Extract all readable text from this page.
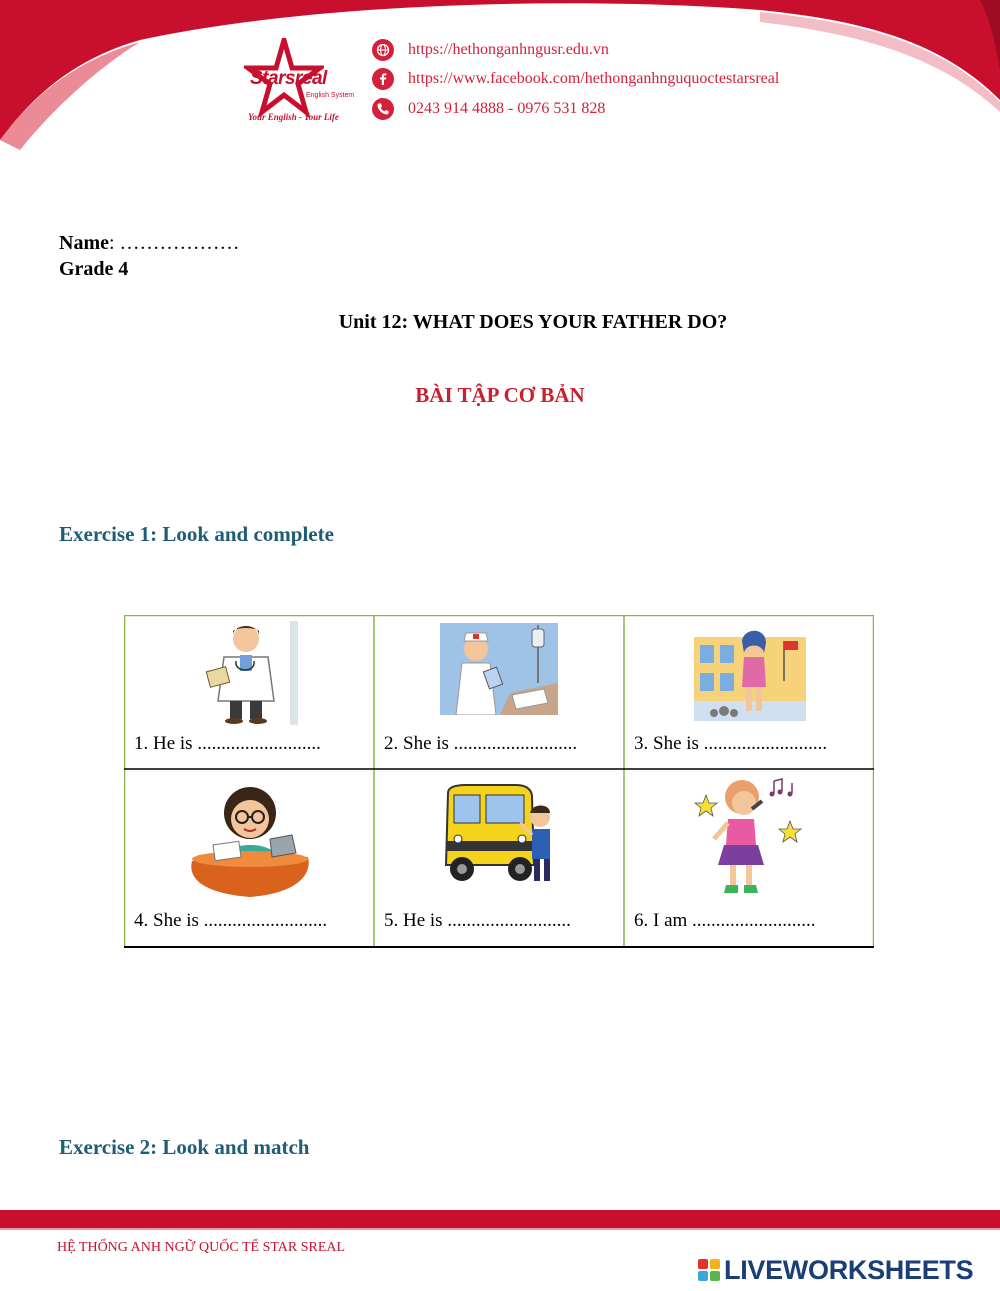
Starsreal
English System
Your English - Your Life
https://hethonganhngusr.edu.vn
https://www.facebook.com/hethonganhnguquoctestarsreal
0243 914 4888 - 0976 531 828
Name: ………………
Grade 4
Unit 12: WHAT DOES YOUR FATHER DO?
BÀI TẬP CƠ BẢN
Exercise 1: Look and complete
1. He is ..........................	2. She is ..........................	3. She is ..........................
4. She is ..........................	5. He is ..........................	6. I am ..........................
Exercise 2: Look and match
HỆ THỐNG ANH NGỮ QUỐC TẾ STAR SREAL
LIVEWORKSHEETS
